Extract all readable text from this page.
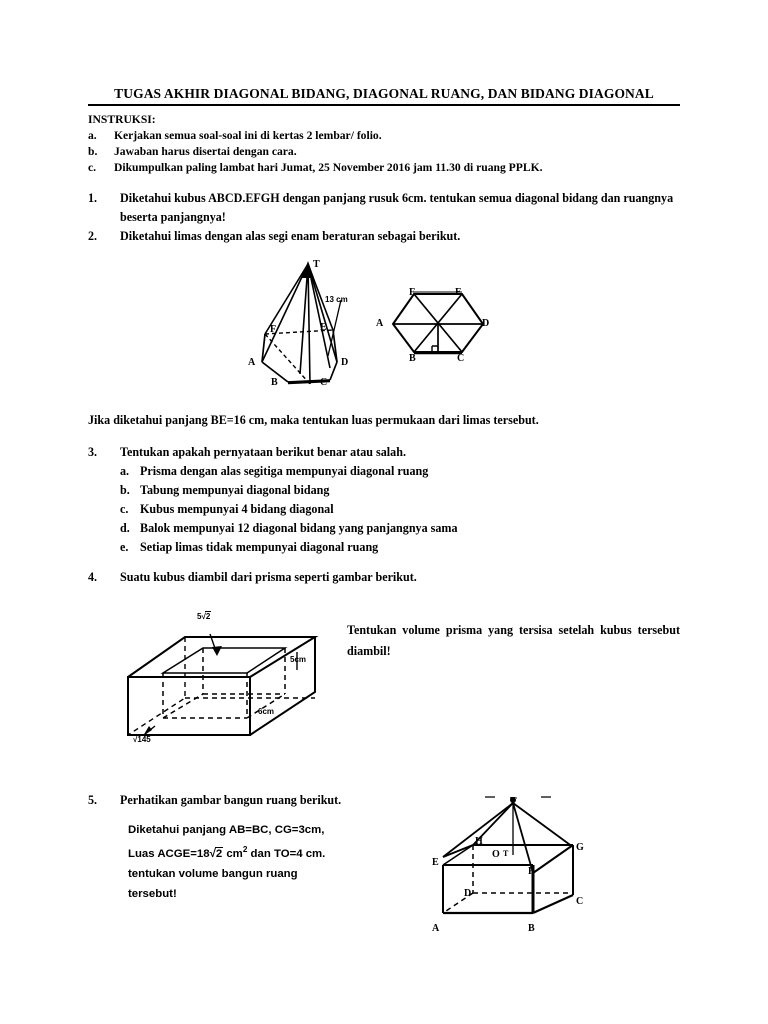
TUGAS AKHIR DIAGONAL BIDANG, DIAGONAL RUANG, DAN BIDANG DIAGONAL
INSTRUKSI:
a.	Kerjakan semua soal-soal ini di kertas 2 lembar/ folio.
b.	Jawaban harus disertai dengan cara.
c.	Dikumpulkan paling lambat hari Jumat, 25 November 2016 jam 11.30 di ruang PPLK.
1.	Diketahui kubus ABCD.EFGH dengan panjang rusuk 6cm. tentukan semua diagonal bidang dan ruangnya beserta panjangnya!
2.	Diketahui limas dengan alas segi enam beraturan sebagai berikut.
T
13 cm
A
B	C
D
E
F
A
B	C
D
E
F
Jika diketahui panjang BE=16 cm, maka tentukan luas permukaan dari limas tersebut.
3.	Tentukan apakah pernyataan berikut benar atau salah.
a. Prisma dengan alas segitiga mempunyai diagonal ruang
b. Tabung mempunyai diagonal bidang
c. Kubus mempunyai 4 bidang diagonal
d. Balok mempunyai 12 diagonal bidang yang panjangnya sama
e. Setiap limas tidak mempunyai diagonal ruang
4.	Suatu kubus diambil dari prisma seperti gambar berikut.
5√2
5cm
6cm
√145
Tentukan volume prisma yang tersisa setelah kubus tersebut diambil!
5.	Perhatikan gambar bangun ruang berikut.
Diketahui panjang AB=BC, CG=3cm,
Luas ACGE=18√2 $cm^2$ dan TO=4 cm.
tentukan volume bangun ruang
tersebut!
T
O T
A	B
C
D
E
F
G
H
